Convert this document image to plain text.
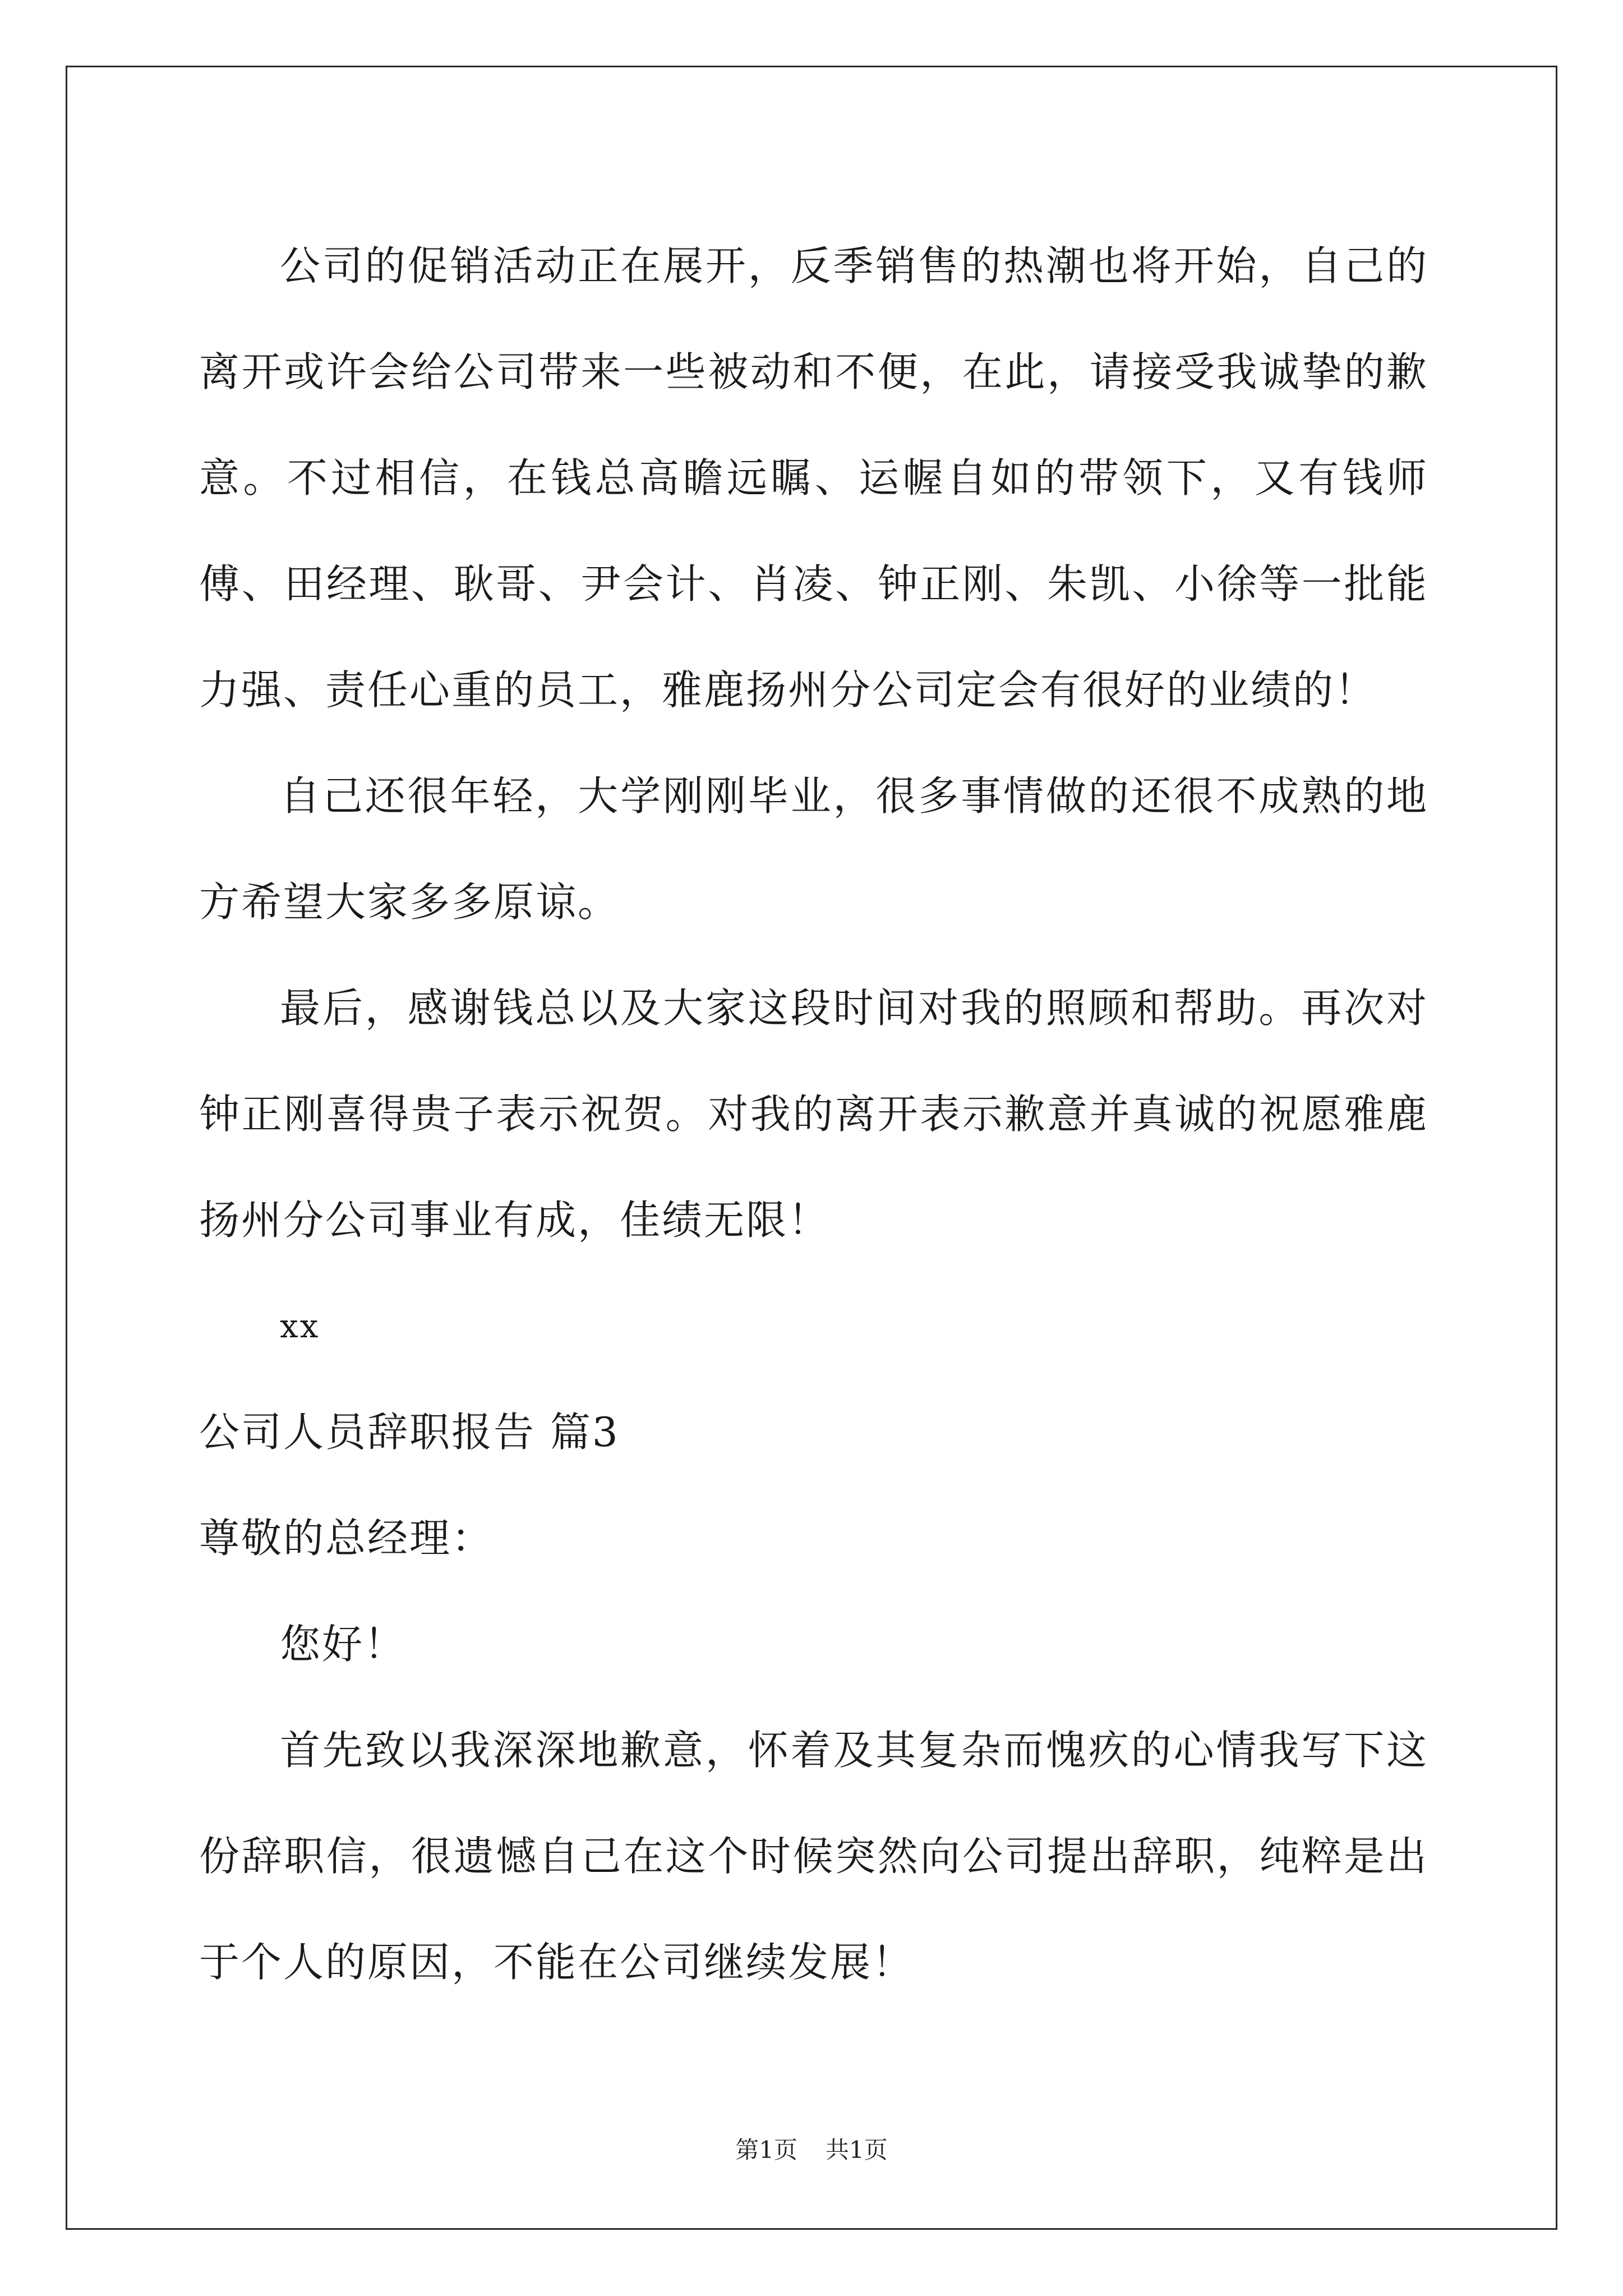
公司的促销活动正在展开，反季销售的热潮也将开始，自己的离开或许会给公司带来一些被动和不便，在此，请接受我诚挚的歉意。不过相信，在钱总高瞻远瞩、运幄自如的带领下，又有钱师傅、田经理、耿哥、尹会计、肖凌、钟正刚、朱凯、小徐等一批能力强、责任心重的员工，雅鹿扬州分公司定会有很好的业绩的！

自己还很年轻，大学刚刚毕业，很多事情做的还很不成熟的地方希望大家多多原谅。

最后，感谢钱总以及大家这段时间对我的照顾和帮助。再次对钟正刚喜得贵子表示祝贺。对我的离开表示歉意并真诚的祝愿雅鹿扬州分公司事业有成，佳绩无限！

xx

公司人员辞职报告 篇3

尊敬的总经理：

您好！

首先致以我深深地歉意，怀着及其复杂而愧疚的心情我写下这份辞职信，很遗憾自己在这个时候突然向公司提出辞职，纯粹是出于个人的原因，不能在公司继续发展！

第1页 共1页
